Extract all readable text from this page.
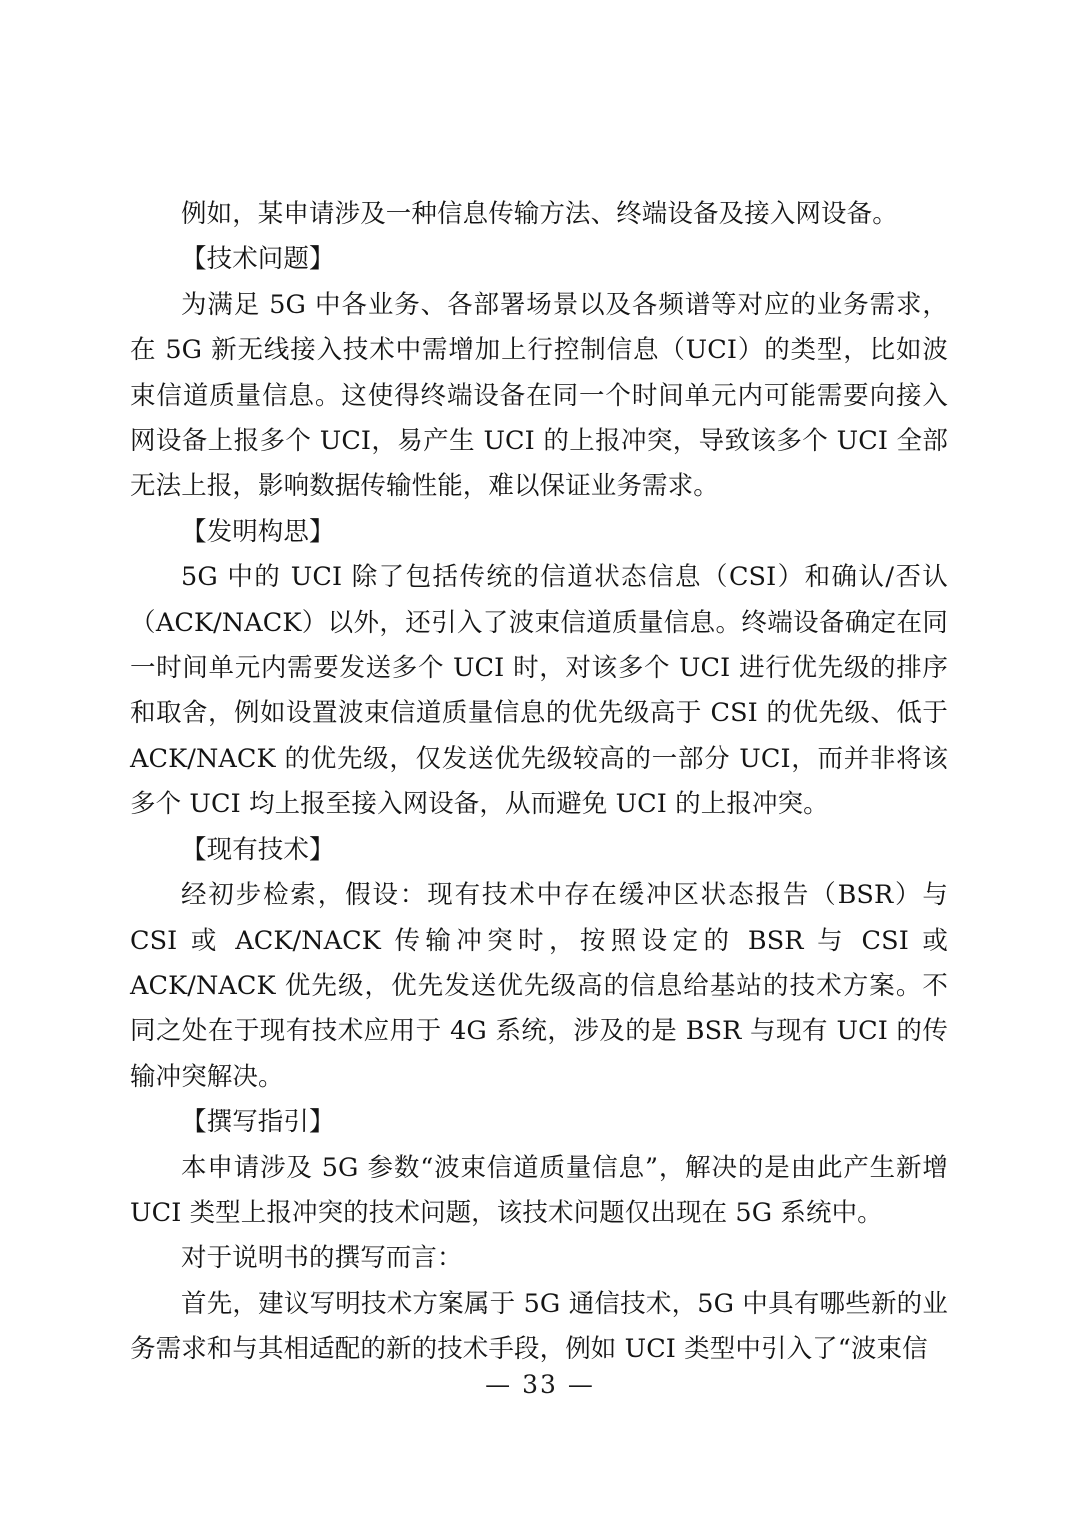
例如，某申请涉及一种信息传输方法、终端设备及接入网设备。

【技术问题】

为满足 5G 中各业务、各部署场景以及各频谱等对应的业务需求，在 5G 新无线接入技术中需增加上行控制信息（UCI）的类型，比如波束信道质量信息。这使得终端设备在同一个时间单元内可能需要向接入网设备上报多个 UCI，易产生 UCI 的上报冲突，导致该多个 UCI 全部无法上报，影响数据传输性能，难以保证业务需求。

【发明构思】

5G 中的 UCI 除了包括传统的信道状态信息（CSI）和确认/否认（ACK/NACK）以外，还引入了波束信道质量信息。终端设备确定在同一时间单元内需要发送多个 UCI 时，对该多个 UCI 进行优先级的排序和取舍，例如设置波束信道质量信息的优先级高于 CSI 的优先级、低于 ACK/NACK 的优先级，仅发送优先级较高的一部分 UCI，而并非将该多个 UCI 均上报至接入网设备，从而避免 UCI 的上报冲突。

【现有技术】

经初步检索，假设：现有技术中存在缓冲区状态报告（BSR）与 CSI 或 ACK/NACK 传输冲突时，按照设定的 BSR 与 CSI 或 ACK/NACK 优先级，优先发送优先级高的信息给基站的技术方案。不同之处在于现有技术应用于 4G 系统，涉及的是 BSR 与现有 UCI 的传输冲突解决。

【撰写指引】

本申请涉及 5G 参数“波束信道质量信息”，解决的是由此产生新增 UCI 类型上报冲突的技术问题，该技术问题仅出现在 5G 系统中。

对于说明书的撰写而言：

首先，建议写明技术方案属于 5G 通信技术，5G 中具有哪些新的业务需求和与其相适配的新的技术手段，例如 UCI 类型中引入了“波束信

— 33 —
